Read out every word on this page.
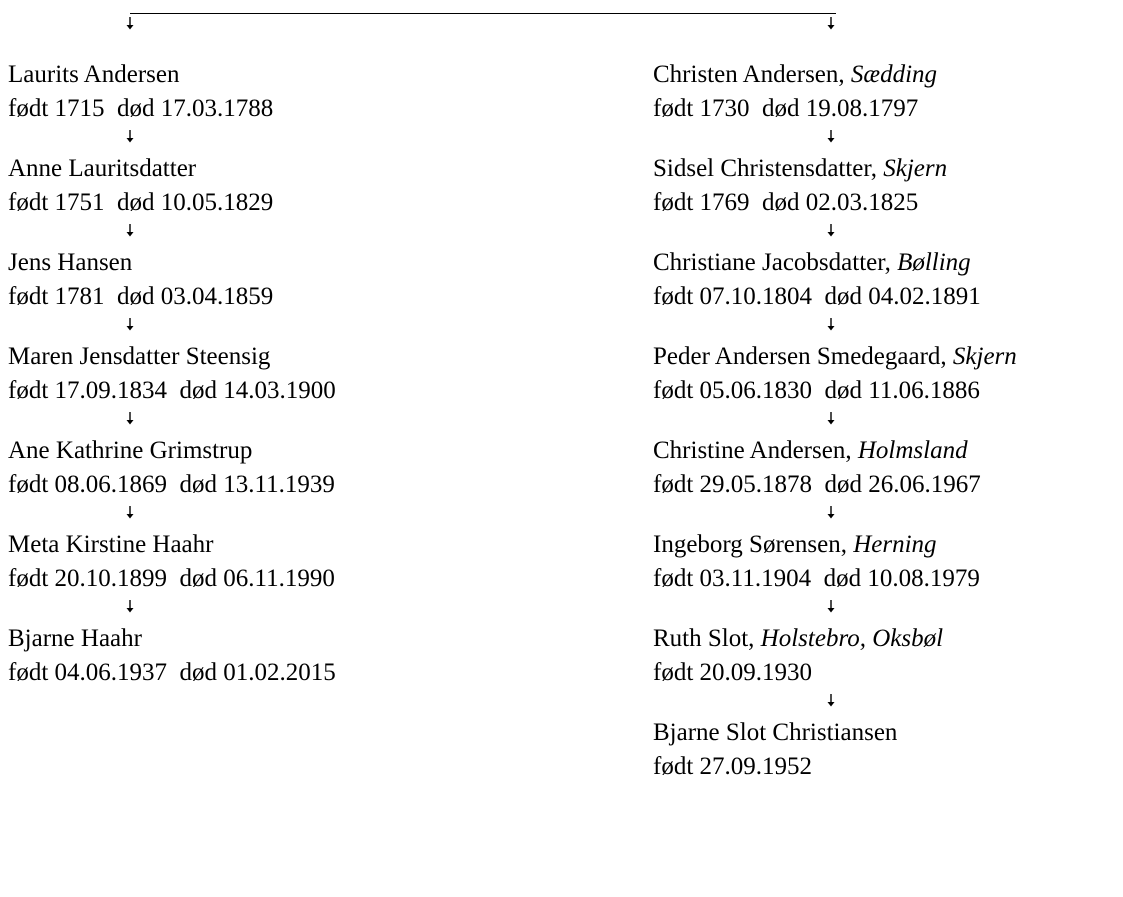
Laurits Andersen
født 1715 død 17.03.1788
Anne Lauritsdatter
født 1751 død 10.05.1829
Jens Hansen
født 1781 død 03.04.1859
Maren Jensdatter Steensig
født 17.09.1834 død 14.03.1900
Ane Kathrine Grimstrup
født 08.06.1869 død 13.11.1939
Meta Kirstine Haahr
født 20.10.1899 død 06.11.1990
Bjarne Haahr
født 04.06.1937 død 01.02.2015
Christen Andersen, Sædding
født 1730 død 19.08.1797
Sidsel Christensdatter, Skjern
født 1769 død 02.03.1825
Christiane Jacobsdatter, Bølling
født 07.10.1804 død 04.02.1891
Peder Andersen Smedegaard, Skjern
født 05.06.1830 død 11.06.1886
Christine Andersen, Holmsland
født 29.05.1878 død 26.06.1967
Ingeborg Sørensen, Herning
født 03.11.1904 død 10.08.1979
Ruth Slot, Holstebro, Oksbøl
født 20.09.1930
Bjarne Slot Christiansen
født 27.09.1952
